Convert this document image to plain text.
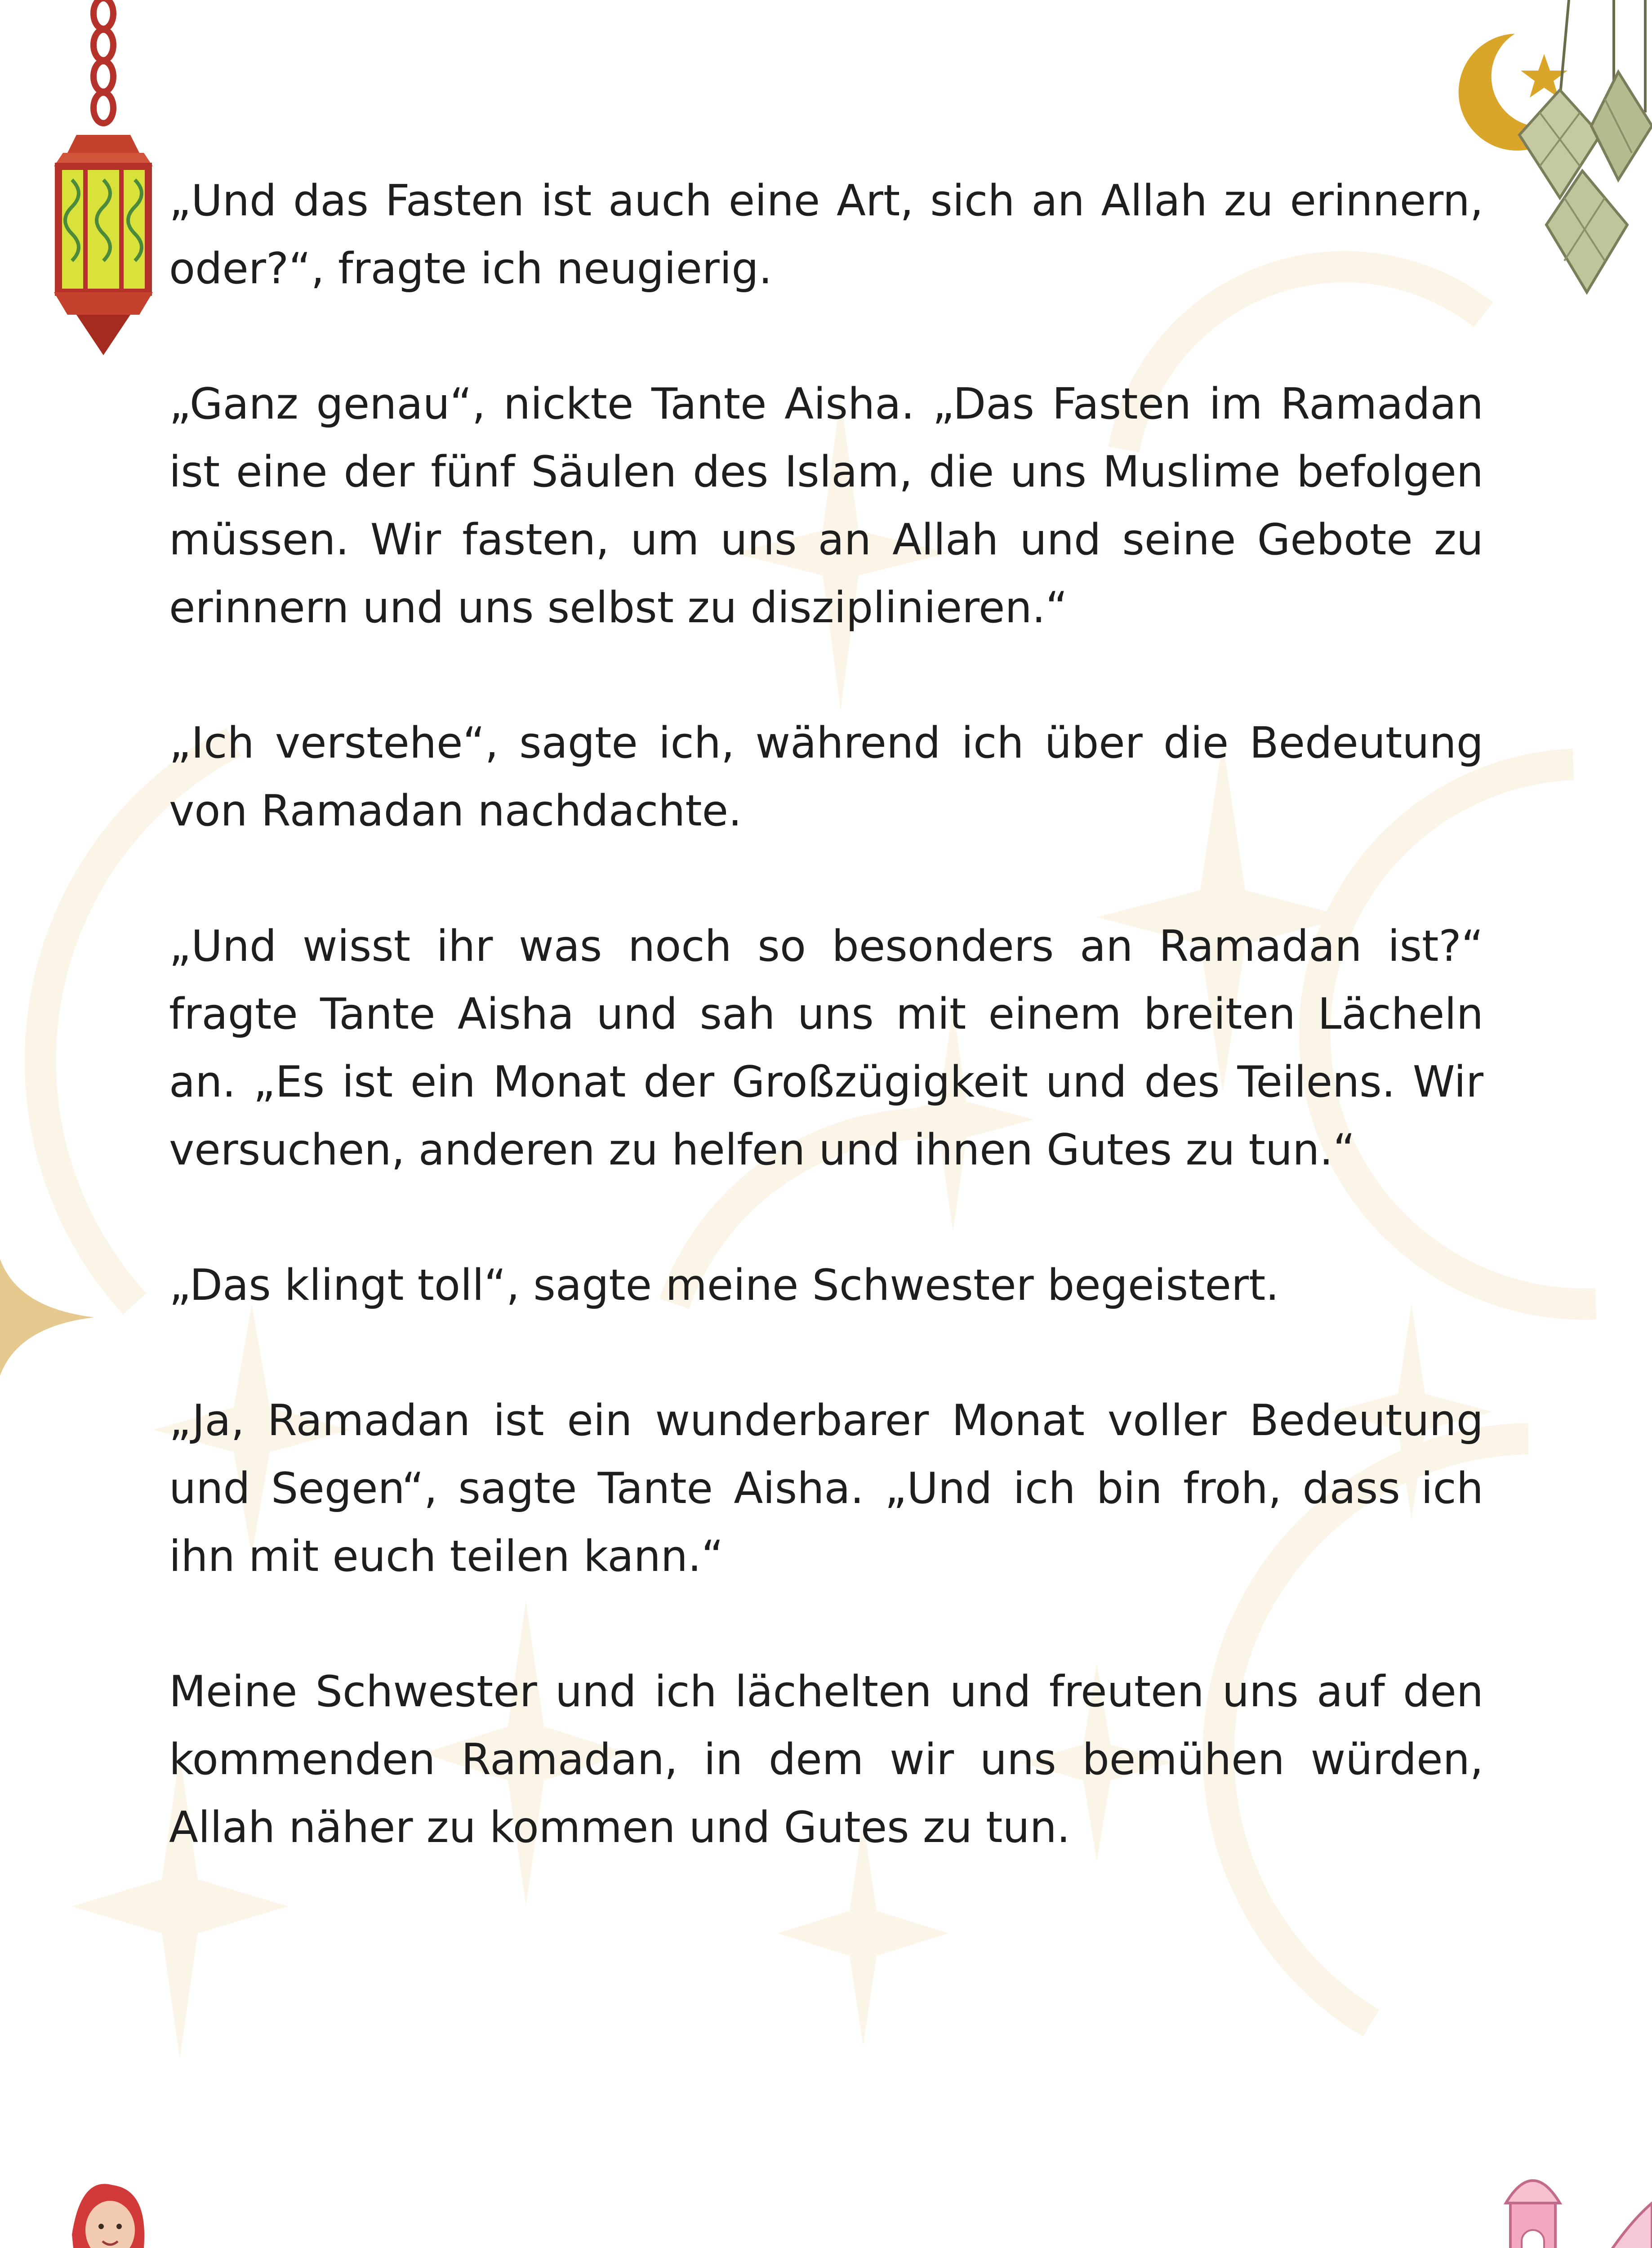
„Und das Fasten ist auch eine Art, sich an Allah zu erinnern, oder?“, fragte ich neugierig.

„Ganz genau“, nickte Tante Aisha. „Das Fasten im Ramadan ist eine der fünf Säulen des Islam, die uns Muslime befolgen müssen. Wir fasten, um uns an Allah und seine Gebote zu erinnern und uns selbst zu disziplinieren.“

„Ich verstehe“, sagte ich, während ich über die Bedeutung von Ramadan nachdachte.

„Und wisst ihr was noch so besonders an Ramadan ist?“ fragte Tante Aisha und sah uns mit einem breiten Lächeln an. „Es ist ein Monat der Großzügigkeit und des Teilens. Wir versuchen, anderen zu helfen und ihnen Gutes zu tun.“

„Das klingt toll“, sagte meine Schwester begeistert.

„Ja, Ramadan ist ein wunderbarer Monat voller Bedeutung und Segen“, sagte Tante Aisha. „Und ich bin froh, dass ich ihn mit euch teilen kann.“

Meine Schwester und ich lächelten und freuten uns auf den kommenden Ramadan, in dem wir uns bemühen würden, Allah näher zu kommen und Gutes zu tun.
